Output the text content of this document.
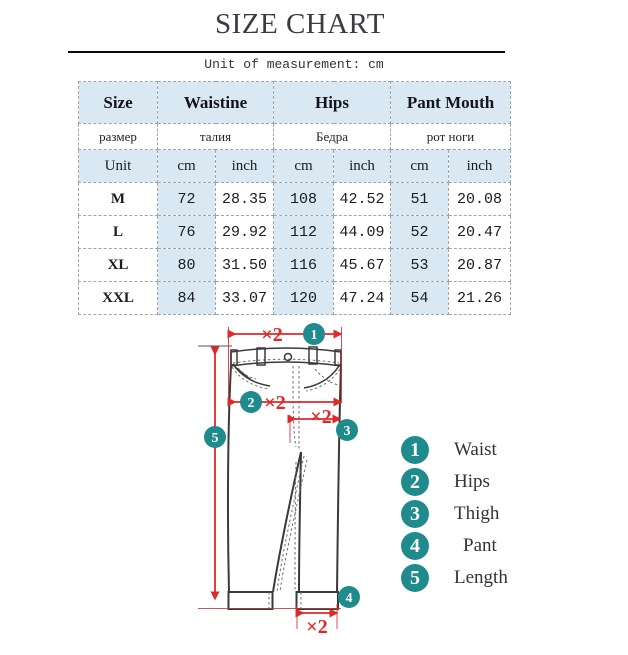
SIZE CHART
Unit of measurement: cm
Size	Waistine		Hips		Pant Mouth	
размер	талия		Бедра		рот ноги	
Unit	cm	inch	cm	inch	cm	inch
M	72	28.35	108	42.52	51	20.08
L	76	29.92	112	44.09	52	20.47
XL	80	31.50	116	45.67	53	20.87
XXL	84	33.07	120	47.24	54	21.26
×2 1
2 ×2
×2
3
5
×2
4
1	Waist
2	Hips
3	Thigh
4	Pant
5	Length
